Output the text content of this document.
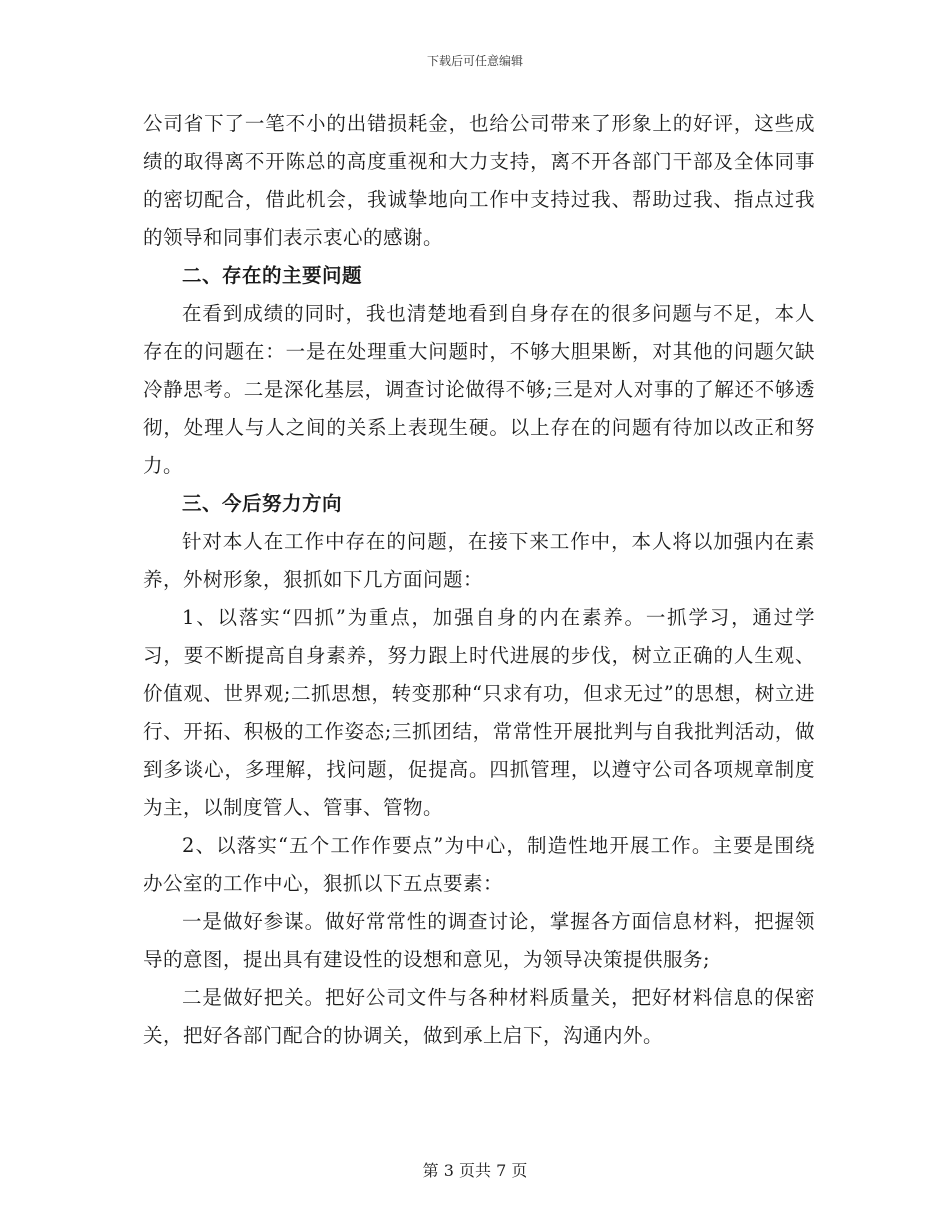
下载后可任意编辑

公司省下了一笔不小的出错损耗金，也给公司带来了形象上的好评，这些成绩的取得离不开陈总的高度重视和大力支持，离不开各部门干部及全体同事的密切配合，借此机会，我诚挚地向工作中支持过我、帮助过我、指点过我的领导和同事们表示衷心的感谢。

二、存在的主要问题

在看到成绩的同时，我也清楚地看到自身存在的很多问题与不足，本人存在的问题在：一是在处理重大问题时，不够大胆果断，对其他的问题欠缺冷静思考。二是深化基层，调查讨论做得不够;三是对人对事的了解还不够透彻，处理人与人之间的关系上表现生硬。以上存在的问题有待加以改正和努力。

三、今后努力方向

针对本人在工作中存在的问题，在接下来工作中，本人将以加强内在素养，外树形象，狠抓如下几方面问题：

1、以落实“四抓”为重点，加强自身的内在素养。一抓学习，通过学习，要不断提高自身素养，努力跟上时代进展的步伐，树立正确的人生观、价值观、世界观;二抓思想，转变那种“只求有功，但求无过”的思想，树立进行、开拓、积极的工作姿态;三抓团结，常常性开展批判与自我批判活动，做到多谈心，多理解，找问题，促提高。四抓管理，以遵守公司各项规章制度为主，以制度管人、管事、管物。

2、以落实“五个工作作要点”为中心，制造性地开展工作。主要是围绕办公室的工作中心，狠抓以下五点要素：

一是做好参谋。做好常常性的调查讨论，掌握各方面信息材料，把握领导的意图，提出具有建设性的设想和意见，为领导决策提供服务;

二是做好把关。把好公司文件与各种材料质量关，把好材料信息的保密关，把好各部门配合的协调关，做到承上启下，沟通内外。

第 3 页共 7 页
